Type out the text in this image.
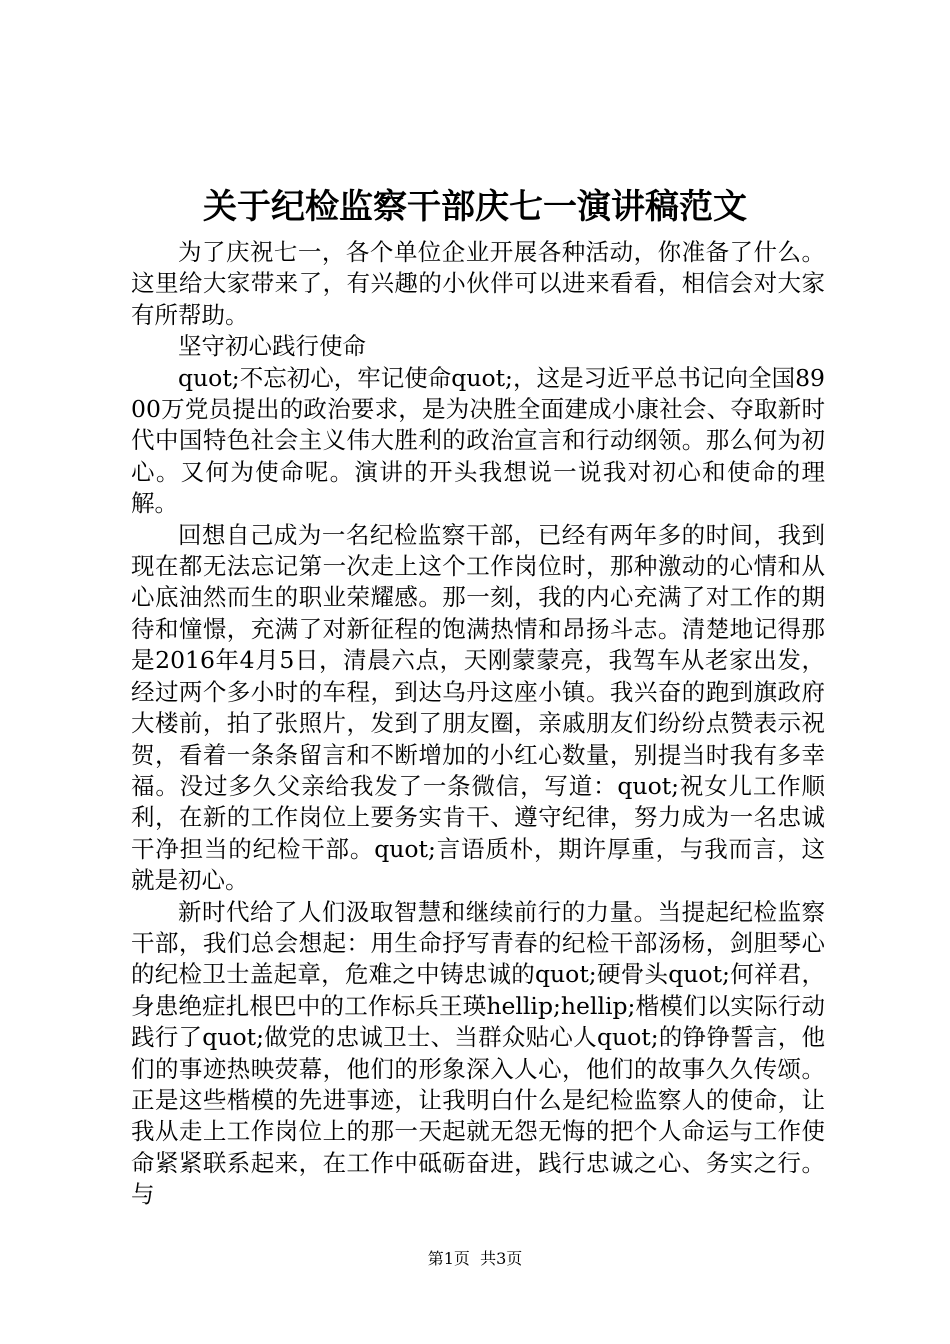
关于纪检监察干部庆七一演讲稿范文

为了庆祝七一，各个单位企业开展各种活动，你准备了什么。这里给大家带来了，有兴趣的小伙伴可以进来看看，相信会对大家有所帮助。

坚守初心践行使命

quot;不忘初心，牢记使命quot;，这是习近平总书记向全国8900万党员提出的政治要求，是为决胜全面建成小康社会、夺取新时代中国特色社会主义伟大胜利的政治宣言和行动纲领。那么何为初心。又何为使命呢。演讲的开头我想说一说我对初心和使命的理解。

回想自己成为一名纪检监察干部，已经有两年多的时间，我到现在都无法忘记第一次走上这个工作岗位时，那种激动的心情和从心底油然而生的职业荣耀感。那一刻，我的内心充满了对工作的期待和憧憬，充满了对新征程的饱满热情和昂扬斗志。清楚地记得那是2016年4月5日，清晨六点，天刚蒙蒙亮，我驾车从老家出发，经过两个多小时的车程，到达乌丹这座小镇。我兴奋的跑到旗政府大楼前，拍了张照片，发到了朋友圈，亲戚朋友们纷纷点赞表示祝贺，看着一条条留言和不断增加的小红心数量，别提当时我有多幸福。没过多久父亲给我发了一条微信，写道：quot;祝女儿工作顺利，在新的工作岗位上要务实肯干、遵守纪律，努力成为一名忠诚干净担当的纪检干部。quot;言语质朴，期许厚重，与我而言，这就是初心。

新时代给了人们汲取智慧和继续前行的力量。当提起纪检监察干部，我们总会想起：用生命抒写青春的纪检干部汤杨，剑胆琴心的纪检卫士盖起章，危难之中铸忠诚的quot;硬骨头quot;何祥君，身患绝症扎根巴中的工作标兵王瑛hellip;hellip;楷模们以实际行动践行了quot;做党的忠诚卫士、当群众贴心人quot;的铮铮誓言，他们的事迹热映荧幕，他们的形象深入人心，他们的故事久久传颂。正是这些楷模的先进事迹，让我明白什么是纪检监察人的使命，让我从走上工作岗位上的那一天起就无怨无悔的把个人命运与工作使命紧紧联系起来，在工作中砥砺奋进，践行忠诚之心、务实之行。与

第1页  共3页
